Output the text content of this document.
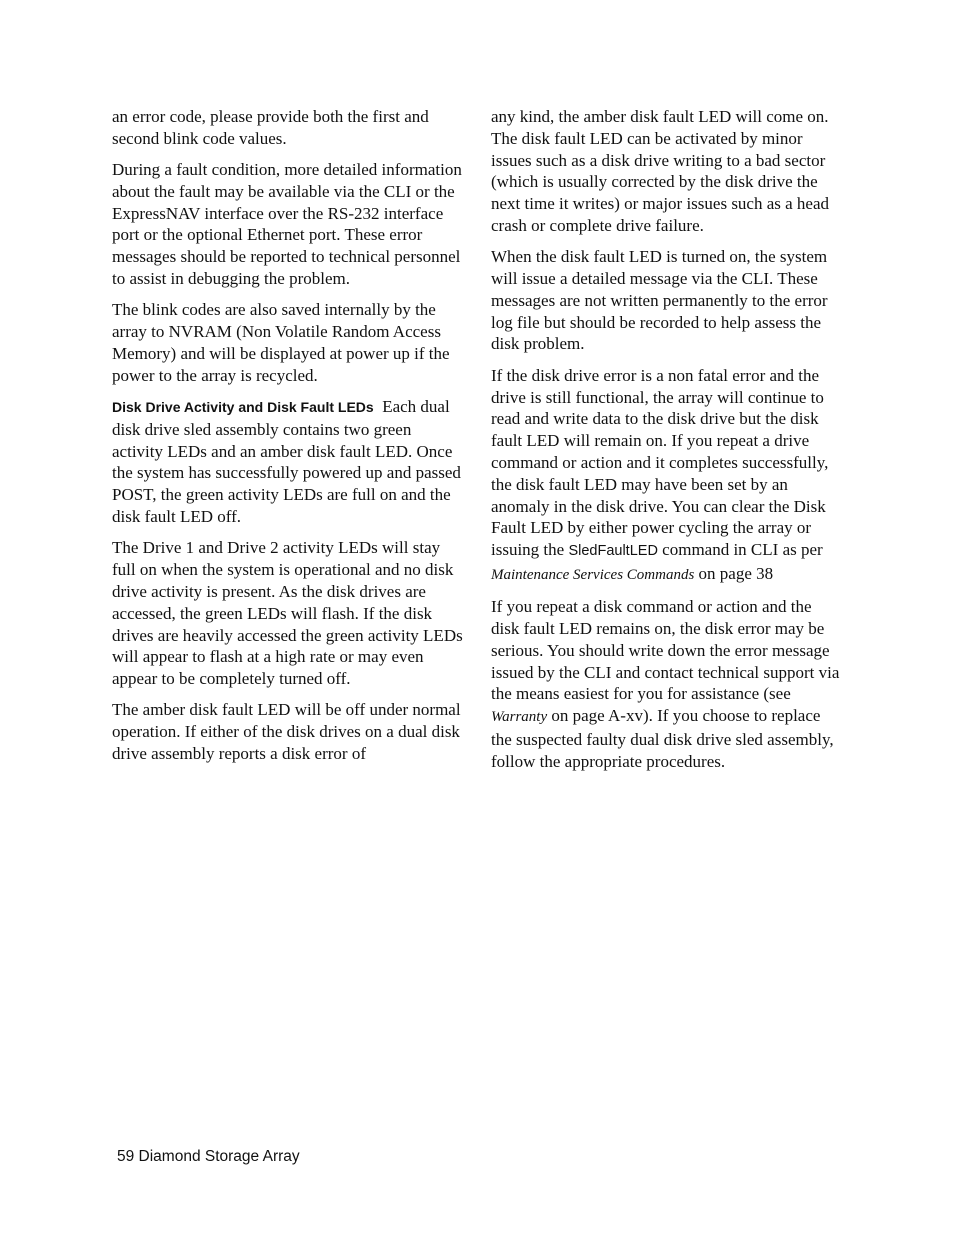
an error code, please provide both the first and second blink code values.

During a fault condition, more detailed information about the fault may be available via the CLI or the ExpressNAV interface over the RS-232 interface port or the optional Ethernet port. These error messages should be reported to technical personnel to assist in debugging the problem.

The blink codes are also saved internally by the array to NVRAM (Non Volatile Random Access Memory) and will be displayed at power up if the power to the array is recycled.

Disk Drive Activity and Disk Fault LEDs Each dual disk drive sled assembly contains two green activity LEDs and an amber disk fault LED. Once the system has successfully powered up and passed POST, the green activity LEDs are full on and the disk fault LED off.

The Drive 1 and Drive 2 activity LEDs will stay full on when the system is operational and no disk drive activity is present. As the disk drives are accessed, the green LEDs will flash. If the disk drives are heavily accessed the green activity LEDs will appear to flash at a high rate or may even appear to be completely turned off.

The amber disk fault LED will be off under normal operation. If either of the disk drives on a dual disk drive assembly reports a disk error of

any kind, the amber disk fault LED will come on. The disk fault LED can be activated by minor issues such as a disk drive writing to a bad sector (which is usually corrected by the disk drive the next time it writes) or major issues such as a head crash or complete drive failure.

When the disk fault LED is turned on, the system will issue a detailed message via the CLI. These messages are not written permanently to the error log file but should be recorded to help assess the disk problem.

If the disk drive error is a non fatal error and the drive is still functional, the array will continue to read and write data to the disk drive but the disk fault LED will remain on. If you repeat a drive command or action and it completes successfully, the disk fault LED may have been set by an anomaly in the disk drive. You can clear the Disk Fault LED by either power cycling the array or issuing the SledFaultLED command in CLI as per Maintenance Services Commands on page 38

If you repeat a disk command or action and the disk fault LED remains on, the disk error may be serious. You should write down the error message issued by the CLI and contact technical support via the means easiest for you for assistance (see Warranty on page A-xv). If you choose to replace the suspected faulty dual disk drive sled assembly, follow the appropriate procedures.

59 Diamond Storage Array
